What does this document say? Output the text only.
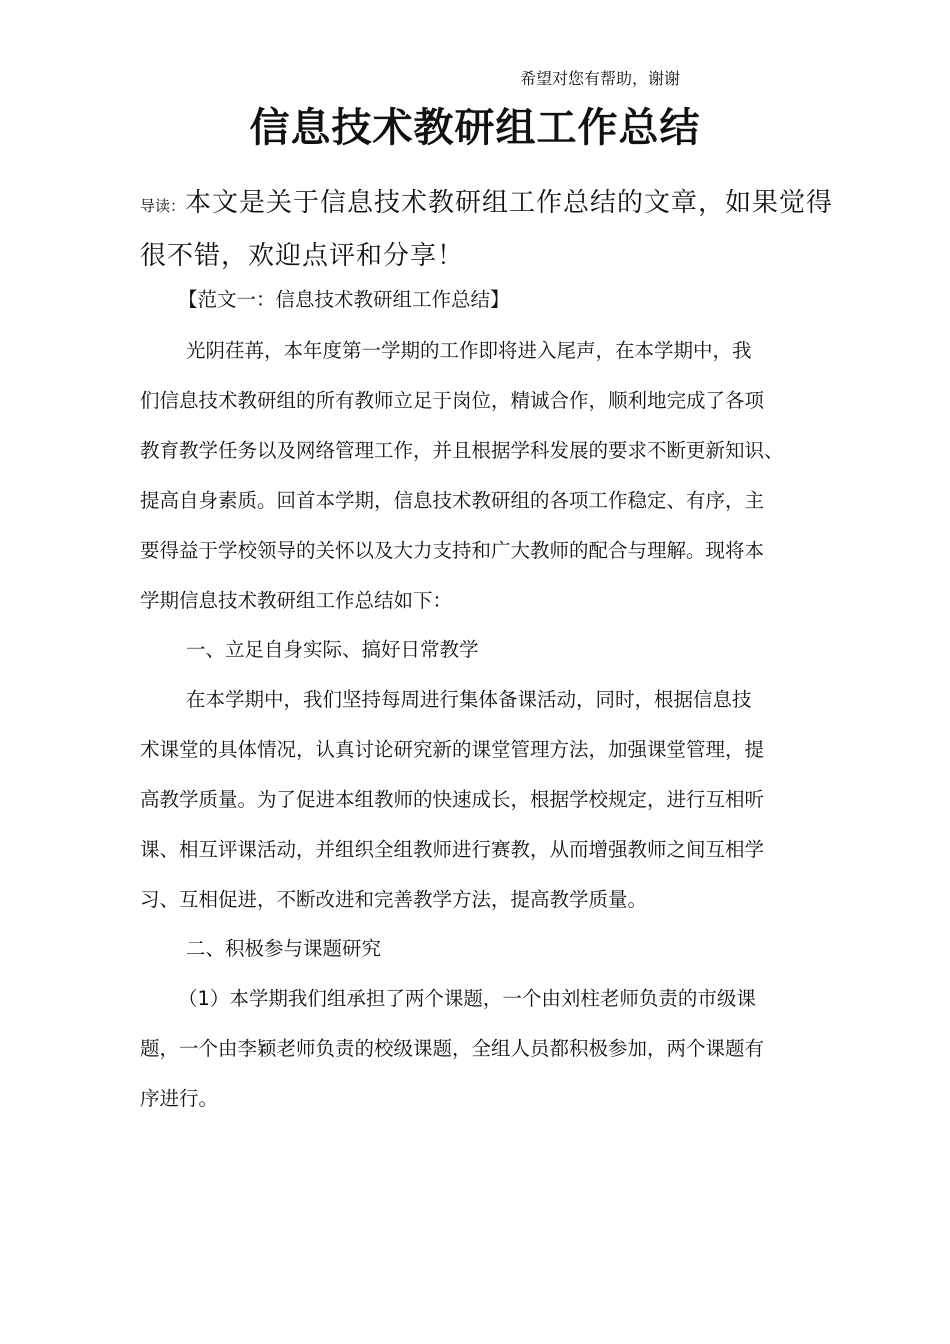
希望对您有帮助，谢谢
信息技术教研组工作总结
导读：本文是关于信息技术教研组工作总结的文章，如果觉得
很不错，欢迎点评和分享！

【范文一：信息技术教研组工作总结】

光阴荏苒，本年度第一学期的工作即将进入尾声，在本学期中，我

们信息技术教研组的所有教师立足于岗位，精诚合作，顺利地完成了各项

教育教学任务以及网络管理工作，并且根据学科发展的要求不断更新知识、

提高自身素质。回首本学期，信息技术教研组的各项工作稳定、有序，主

要得益于学校领导的关怀以及大力支持和广大教师的配合与理解。现将本

学期信息技术教研组工作总结如下：

一、立足自身实际、搞好日常教学

在本学期中，我们坚持每周进行集体备课活动，同时，根据信息技

术课堂的具体情况，认真讨论研究新的课堂管理方法，加强课堂管理，提

高教学质量。为了促进本组教师的快速成长，根据学校规定，进行互相听

课、相互评课活动，并组织全组教师进行赛教，从而增强教师之间互相学

习、互相促进，不断改进和完善教学方法，提高教学质量。

二、积极参与课题研究

（1）本学期我们组承担了两个课题，一个由刘柱老师负责的市级课

题，一个由李颖老师负责的校级课题，全组人员都积极参加，两个课题有

序进行。
